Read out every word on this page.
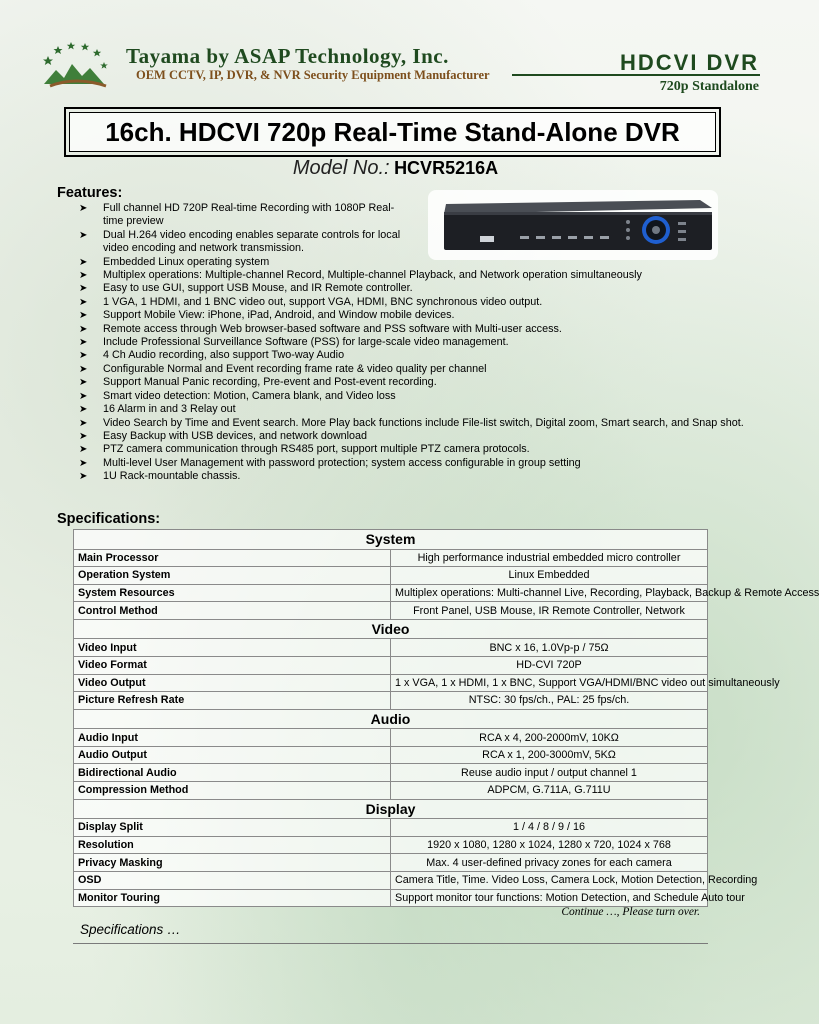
Tayama by ASAP Technology, Inc.
OEM CCTV, IP, DVR, & NVR Security Equipment Manufacturer	HDCVI DVR
720p Standalone
16ch. HDCVI 720p Real-Time Stand-Alone DVR
Model No.: HCVR5216A
Features:
➤ Full channel HD 720P Real-time Recording with 1080P Real-time preview
➤ Dual H.264 video encoding enables separate controls for local video encoding and network transmission.
➤ Embedded Linux operating system
➤ Multiplex operations: Multiple-channel Record, Multiple-channel Playback, and Network operation simultaneously
➤ Easy to use GUI, support USB Mouse, and IR Remote controller.
➤ 1 VGA, 1 HDMI, and 1 BNC video out, support VGA, HDMI, BNC synchronous video output.
➤ Support Mobile View: iPhone, iPad, Android, and Window mobile devices.
➤ Remote access through Web browser-based software and PSS software with Multi-user access.
➤ Include Professional Surveillance Software (PSS) for large-scale video management.
➤ 4 Ch Audio recording, also support Two-way Audio
➤ Configurable Normal and Event recording frame rate & video quality per channel
➤ Support Manual Panic recording, Pre-event and Post-event recording.
➤ Smart video detection: Motion, Camera blank, and Video loss
➤ 16 Alarm in and 3 Relay out
➤ Video Search by Time and Event search. More Play back functions include File-list switch, Digital zoom, Smart search, and Snap shot.
➤ Easy Backup with USB devices, and network download
➤ PTZ camera communication through RS485 port, support multiple PTZ camera protocols.
➤ Multi-level User Management with password protection; system access configurable in group setting
➤ 1U Rack-mountable chassis.
Specifications:
System	
Main Processor	High performance industrial embedded micro controller
Operation System	Linux Embedded
System Resources	Multiplex operations: Multi-channel Live, Recording, Playback, Backup & Remote Access
Control Method	Front Panel, USB Mouse, IR Remote Controller, Network
Video	
Video Input	BNC x 16, 1.0Vp-p / 75Ω
Video Format	HD-CVI 720P
Video Output	1 x VGA, 1 x HDMI, 1 x BNC, Support VGA/HDMI/BNC video out simultaneously
Picture Refresh Rate	NTSC: 30 fps/ch., PAL: 25 fps/ch.
Audio	
Audio Input	RCA x 4, 200-2000mV, 10KΩ
Audio Output	RCA x 1, 200-3000mV, 5KΩ
Bidirectional Audio	Reuse audio input / output channel 1
Compression Method	ADPCM, G.711A, G.711U
Display	
Display Split	1 / 4 / 8 / 9 / 16
Resolution	1920 x 1080, 1280 x 1024, 1280 x 720, 1024 x 768
Privacy Masking	Max. 4 user-defined privacy zones for each camera
OSD	Camera Title, Time. Video Loss, Camera Lock, Motion Detection, Recording
Monitor Touring	Support monitor tour functions: Motion Detection, and Schedule Auto tour
Continue …, Please turn over.
Specifications …
